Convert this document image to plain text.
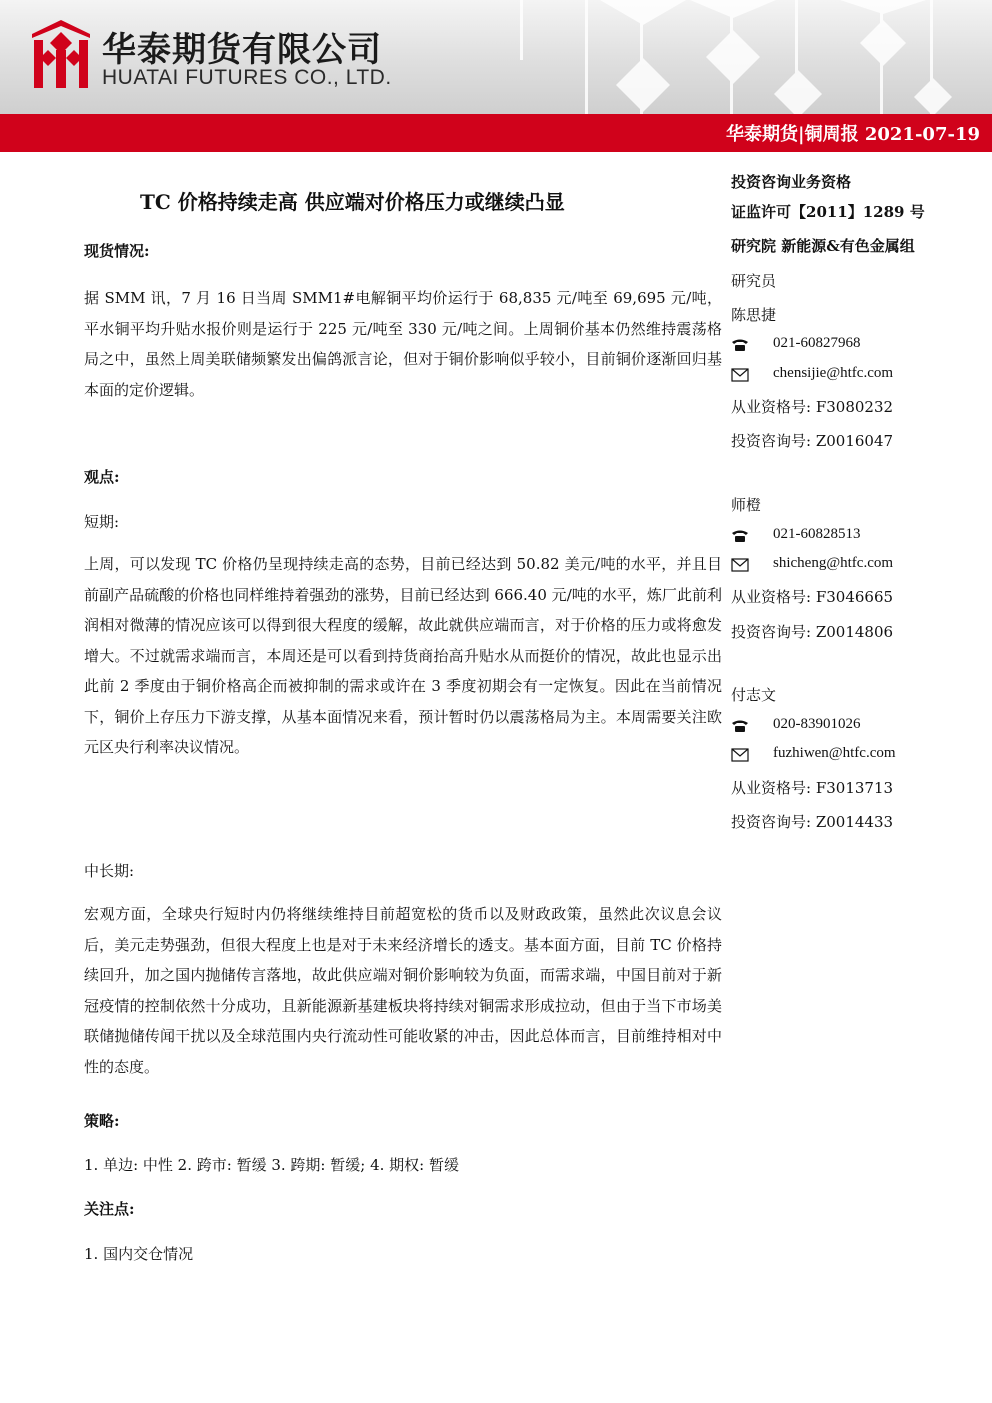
华泰期货有限公司
HUATAI FUTURES CO., LTD.
华泰期货|铜周报 2021-07-19
TC 价格持续走高 供应端对价格压力或继续凸显
现货情况:
据 SMM 讯，7 月 16 日当周 SMM1#电解铜平均价运行于 68,835 元/吨至 69,695 元/吨，平水铜平均升贴水报价则是运行于 225 元/吨至 330 元/吨之间。上周铜价基本仍然维持震荡格局之中，虽然上周美联储频繁发出偏鸽派言论，但对于铜价影响似乎较小，目前铜价逐渐回归基本面的定价逻辑。
观点:
短期:
上周，可以发现 TC 价格仍呈现持续走高的态势，目前已经达到 50.82 美元/吨的水平，并且目前副产品硫酸的价格也同样维持着强劲的涨势，目前已经达到 666.40 元/吨的水平，炼厂此前利润相对微薄的情况应该可以得到很大程度的缓解，故此就供应端而言，对于价格的压力或将愈发增大。不过就需求端而言，本周还是可以看到持货商抬高升贴水从而挺价的情况，故此也显示出此前 2 季度由于铜价格高企而被抑制的需求或许在 3 季度初期会有一定恢复。因此在当前情况下，铜价上存压力下游支撑，从基本面情况来看，预计暂时仍以震荡格局为主。本周需要关注欧元区央行利率决议情况。
中长期:
宏观方面，全球央行短时内仍将继续维持目前超宽松的货币以及财政政策，虽然此次议息会议后，美元走势强劲，但很大程度上也是对于未来经济增长的透支。基本面方面，目前 TC 价格持续回升，加之国内抛储传言落地，故此供应端对铜价影响较为负面，而需求端，中国目前对于新冠疫情的控制依然十分成功，且新能源新基建板块将持续对铜需求形成拉动，但由于当下市场美联储抛储传闻干扰以及全球范围内央行流动性可能收紧的冲击，因此总体而言，目前维持相对中性的态度。
策略:
1. 单边: 中性 2. 跨市: 暂缓 3. 跨期: 暂缓; 4. 期权: 暂缓
关注点:
1. 国内交仓情况
投资咨询业务资格
证监许可【2011】1289 号
研究院 新能源&有色金属组
研究员
陈思捷
021-60827968
chensijie@htfc.com
从业资格号: F3080232
投资咨询号: Z0016047
师橙
021-60828513
shicheng@htfc.com
从业资格号: F3046665
投资咨询号: Z0014806
付志文
020-83901026
fuzhiwen@htfc.com
从业资格号: F3013713
投资咨询号: Z0014433
